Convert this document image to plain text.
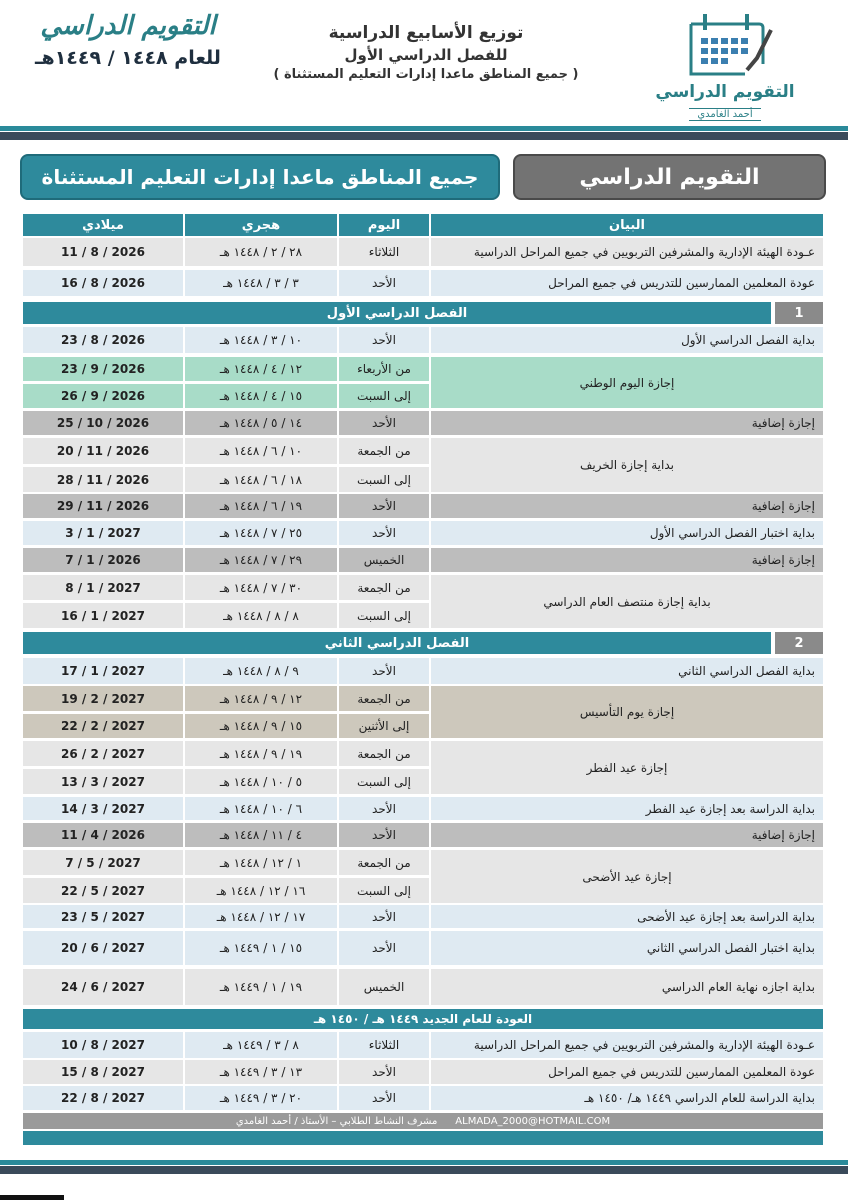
التقويم الدراسي
للعام ١٤٤٨ / ١٤٤٩هـ
توزيع الأسابيع الدراسية
للفصل الدراسي الأول
( جميع المناطق ماعدا إدارات التعليم المستثناة )
التقويم الدراسي
أحمد الغامدي
التقويم الدراسي
جميع المناطق ماعدا إدارات التعليم المستثناة
البيان
اليوم
هجري
ميلادي
عـودة الهيئة الإدارية والمشرفين التربويين في جميع المراحل الدراسية
الثلاثاء
٢٨ / ٢ / ١٤٤٨ هـ
11 / 8 / 2026
عودة المعلمين الممارسين للتدريس في جميع المراحل
الأحد
٣ / ٣ / ١٤٤٨ هـ
16 / 8 / 2026
الفصل الدراسي الأول	1
بداية الفصل الدراسي الأول
الأحد
١٠ / ٣ / ١٤٤٨ هـ
23 / 8 / 2026
من الأربعاء
١٢ / ٤ / ١٤٤٨ هـ
23 / 9 / 2026
إلى السبت
١٥ / ٤ / ١٤٤٨ هـ
26 / 9 / 2026
إجازة اليوم الوطني
إجازة إضافية
الأحد
١٤ / ٥ / ١٤٤٨ هـ
25 / 10 / 2026
من الجمعة
١٠ / ٦ / ١٤٤٨ هـ
20 / 11 / 2026
إلى السبت
١٨ / ٦ / ١٤٤٨ هـ
28 / 11 / 2026
بداية إجازة الخريف
إجازة إضافية
الأحد
١٩ / ٦ / ١٤٤٨ هـ
29 / 11 / 2026
بداية اختبار الفصل الدراسي الأول
الأحد
٢٥ / ٧ / ١٤٤٨ هـ
3 / 1 / 2027
إجازة إضافية
الخميس
٢٩ / ٧ / ١٤٤٨ هـ
7 / 1 / 2026
من الجمعة
٣٠ / ٧ / ١٤٤٨ هـ
8 / 1 / 2027
إلى السبت
٨ / ٨ / ١٤٤٨ هـ
16 / 1 / 2027
بداية إجازة منتصف العام الدراسي
الفصل الدراسي الثاني	2
بداية الفصل الدراسي الثاني
الأحد
٩ / ٨ / ١٤٤٨ هـ
17 / 1 / 2027
من الجمعة
١٢ / ٩ / ١٤٤٨ هـ
19 / 2 / 2027
إلى الأثنين
١٥ / ٩ / ١٤٤٨ هـ
22 / 2 / 2027
إجازة يوم التأسيس
من الجمعة
١٩ / ٩ / ١٤٤٨ هـ
26 / 2 / 2027
إلى السبت
٥ / ١٠ / ١٤٤٨ هـ
13 / 3 / 2027
إجازة عيد الفطر
بداية الدراسة بعد إجازة عيد الفطر
الأحد
٦ / ١٠ / ١٤٤٨ هـ
14 / 3 / 2027
إجازة إضافية
الأحد
٤ / ١١ / ١٤٤٨ هـ
11 / 4 / 2026
من الجمعة
١ / ١٢ / ١٤٤٨ هـ
7 / 5 / 2027
إلى السبت
١٦ / ١٢ / ١٤٤٨ هـ
22 / 5 / 2027
إجازة عيد الأضحى
بداية الدراسة بعد إجازة عيد الأضحى
الأحد
١٧ / ١٢ / ١٤٤٨ هـ
23 / 5 / 2027
بداية اختبار الفصل الدراسي الثاني
الأحد
١٥ / ١ / ١٤٤٩ هـ
20 / 6 / 2027
بداية اجازه نهاية العام الدراسي
الخميس
١٩ / ١ / ١٤٤٩ هـ
24 / 6 / 2027
العودة للعام الجديد ١٤٤٩ هـ / ١٤٥٠ هـ
عـودة الهيئة الإدارية والمشرفين التربويين في جميع المراحل الدراسية
الثلاثاء
٨ / ٣ / ١٤٤٩ هـ
10 / 8 / 2027
عودة المعلمين الممارسين للتدريس في جميع المراحل
الأحد
١٣ / ٣ / ١٤٤٩ هـ
15 / 8 / 2027
بداية الدراسة للعام الدراسي ١٤٤٩ هـ/ ١٤٥٠ هـ
الأحد
٢٠ / ٣ / ١٤٤٩ هـ
22 / 8 / 2027
مشرف النشاط الطلابي – الأستاذ / أحمد الغامدي ALMADA_2000@HOTMAIL.COM
